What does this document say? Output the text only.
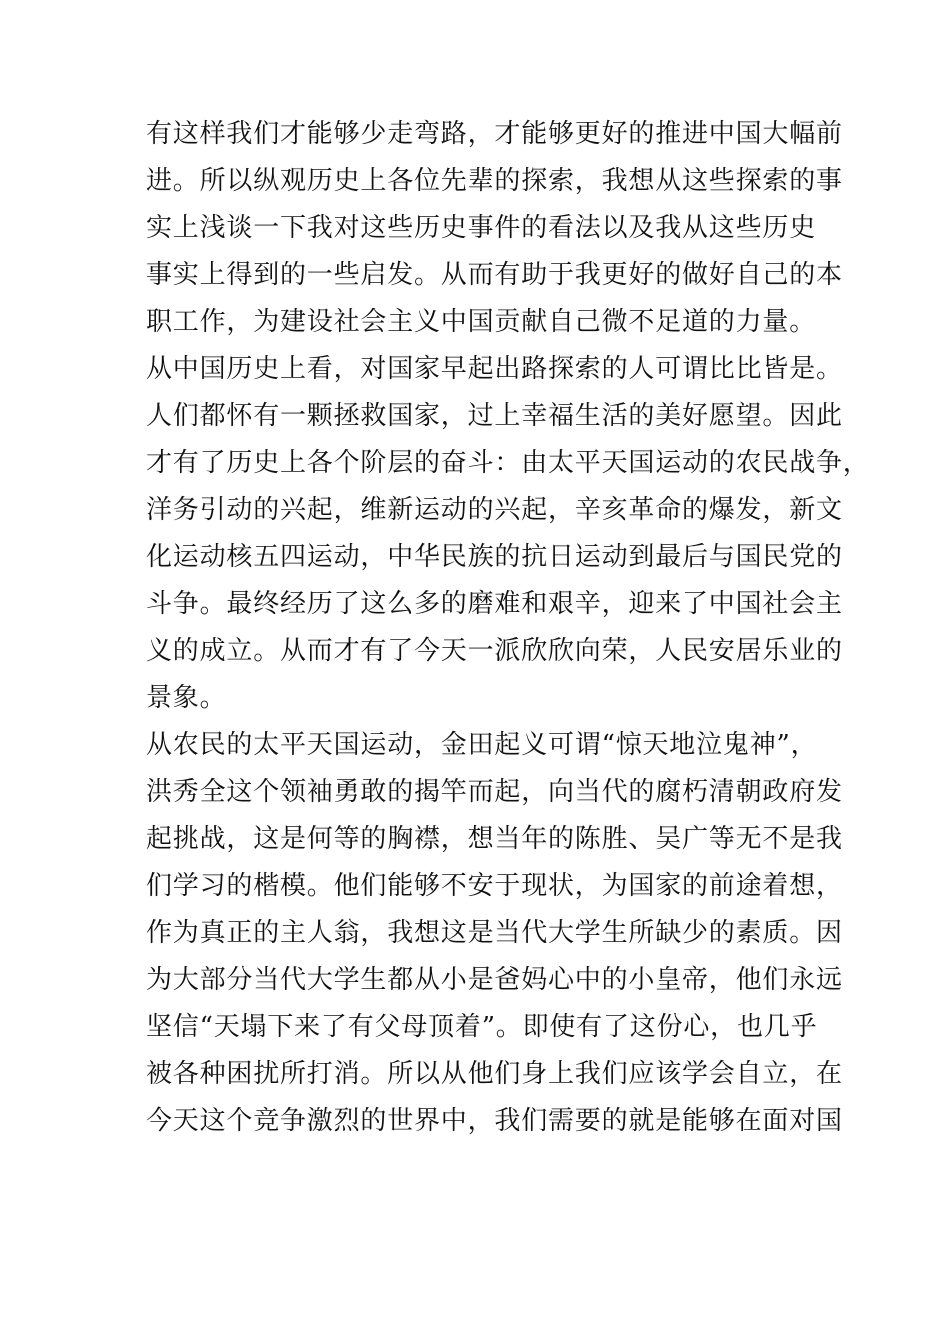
有这样我们才能够少走弯路，才能够更好的推进中国大幅前
进。所以纵观历史上各位先辈的探索，我想从这些探索的事
实上浅谈一下我对这些历史事件的看法以及我从这些历史
事实上得到的一些启发。从而有助于我更好的做好自己的本
职工作，为建设社会主义中国贡献自己微不足道的力量。
从中国历史上看，对国家早起出路探索的人可谓比比皆是。
人们都怀有一颗拯救国家，过上幸福生活的美好愿望。因此
才有了历史上各个阶层的奋斗：由太平天国运动的农民战争，
洋务引动的兴起，维新运动的兴起，辛亥革命的爆发，新文
化运动核五四运动，中华民族的抗日运动到最后与国民党的
斗争。最终经历了这么多的磨难和艰辛，迎来了中国社会主
义的成立。从而才有了今天一派欣欣向荣，人民安居乐业的
景象。
从农民的太平天国运动，金田起义可谓“惊天地泣鬼神”，
洪秀全这个领袖勇敢的揭竿而起，向当代的腐朽清朝政府发
起挑战，这是何等的胸襟，想当年的陈胜、吴广等无不是我
们学习的楷模。他们能够不安于现状，为国家的前途着想，
作为真正的主人翁，我想这是当代大学生所缺少的素质。因
为大部分当代大学生都从小是爸妈心中的小皇帝，他们永远
坚信“天塌下来了有父母顶着”。即使有了这份心，也几乎
被各种困扰所打消。所以从他们身上我们应该学会自立，在
今天这个竞争激烈的世界中，我们需要的就是能够在面对国
